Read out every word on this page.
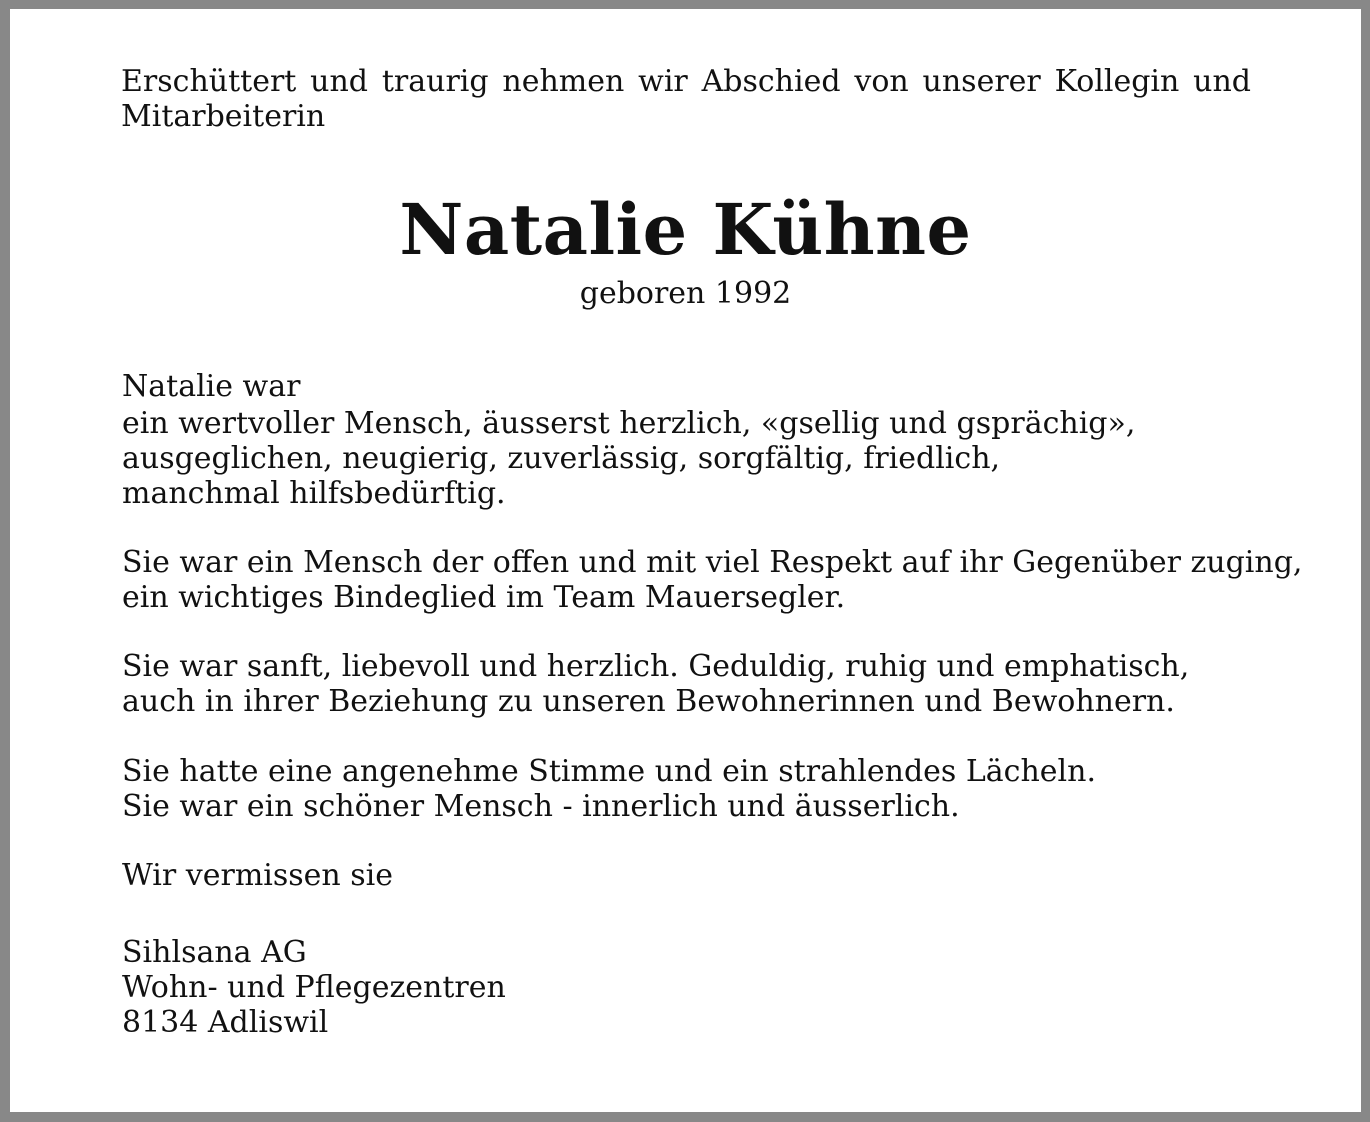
Erschüttert und traurig nehmen wir Abschied von unserer Kollegin und Mitarbeiterin

Natalie Kühne

geboren 1992

Natalie war

ein wertvoller Mensch, äusserst herzlich, «gsellig und gsprächig»,
ausgeglichen, neugierig, zuverlässig, sorgfältig, friedlich,
manchmal hilfsbedürftig.

Sie war ein Mensch der offen und mit viel Respekt auf ihr Gegenüber zuging,
ein wichtiges Bindeglied im Team Mauersegler.

Sie war sanft, liebevoll und herzlich. Geduldig, ruhig und emphatisch,
auch in ihrer Beziehung zu unseren Bewohnerinnen und Bewohnern.

Sie hatte eine angenehme Stimme und ein strahlendes Lächeln.
Sie war ein schöner Mensch - innerlich und äusserlich.

Wir vermissen sie

Sihlsana AG
Wohn- und Pflegezentren
8134 Adliswil
